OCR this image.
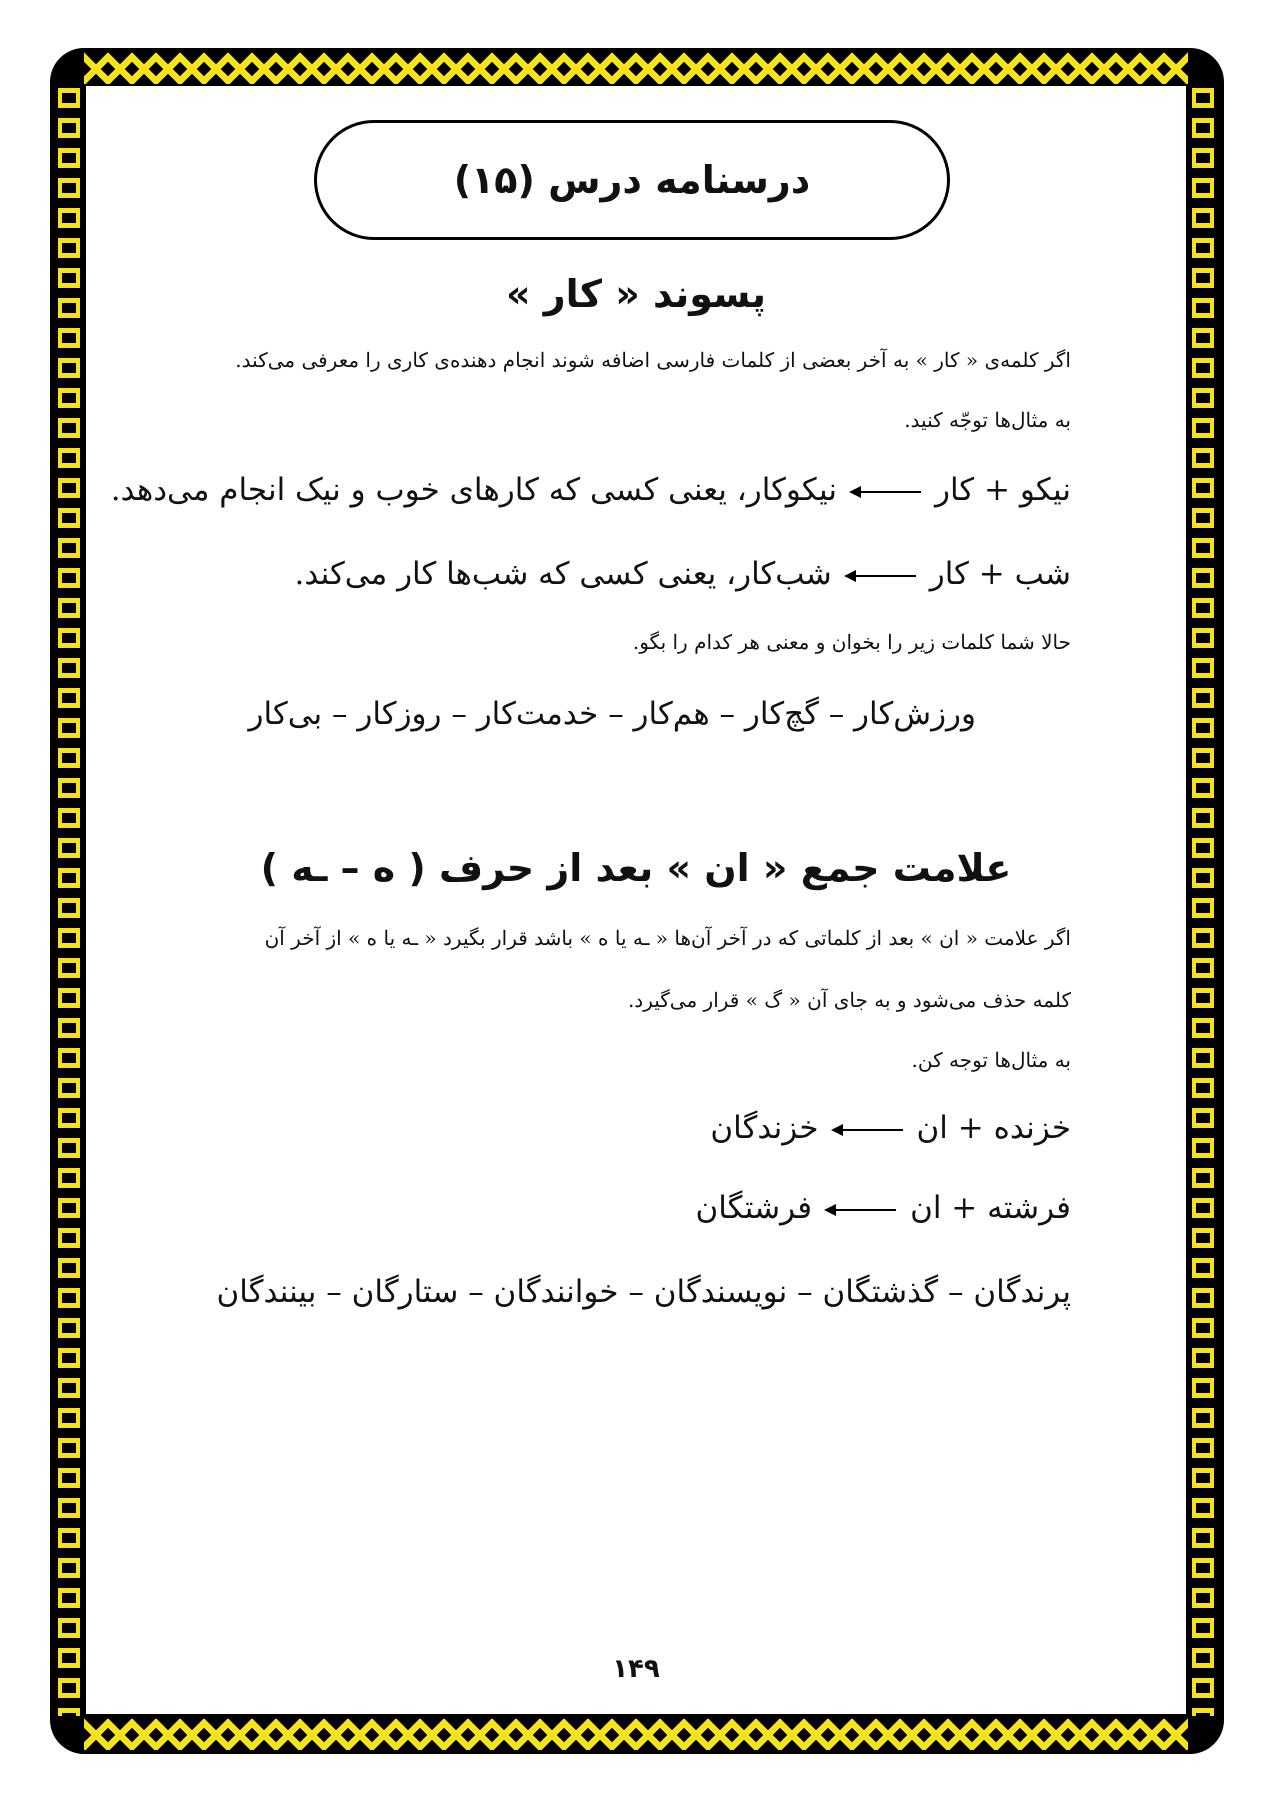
درسنامه درس (۱۵)
پسوند « کار »
اگر کلمه‌ی « کار » به آخر بعضی از کلمات فارسی اضافه شوند انجام دهنده‌ی کاری را معرفی می‌کند.
به مثال‌ها توجّه کنید.
نیکو + کارنیکوکار، یعنی کسی که کارهای خوب و نیک انجام می‌دهد.
شب + کارشب‌کار، یعنی کسی که شب‌ها کار می‌کند.
حالا شما کلمات زیر را بخوان و معنی هر کدام را بگو.
ورزش‌کار – گچ‌کار – هم‌کار – خدمت‌کار – روزکار – بی‌کار
علامت جمع « ان » بعد از حرف ( ه – ـه )
اگر علامت « ان » بعد از کلماتی که در آخر آن‌ها « ـه یا ه » باشد قرار بگیرد « ـه یا ه » از آخر آن
کلمه حذف می‌شود و به جای آن « گ » قرار می‌گیرد.
به مثال‌ها توجه کن.
خزنده + انخزندگان
فرشته + انفرشتگان
پرندگان – گذشتگان – نویسندگان – خوانندگان – ستارگان – بینندگان
۱۴۹
